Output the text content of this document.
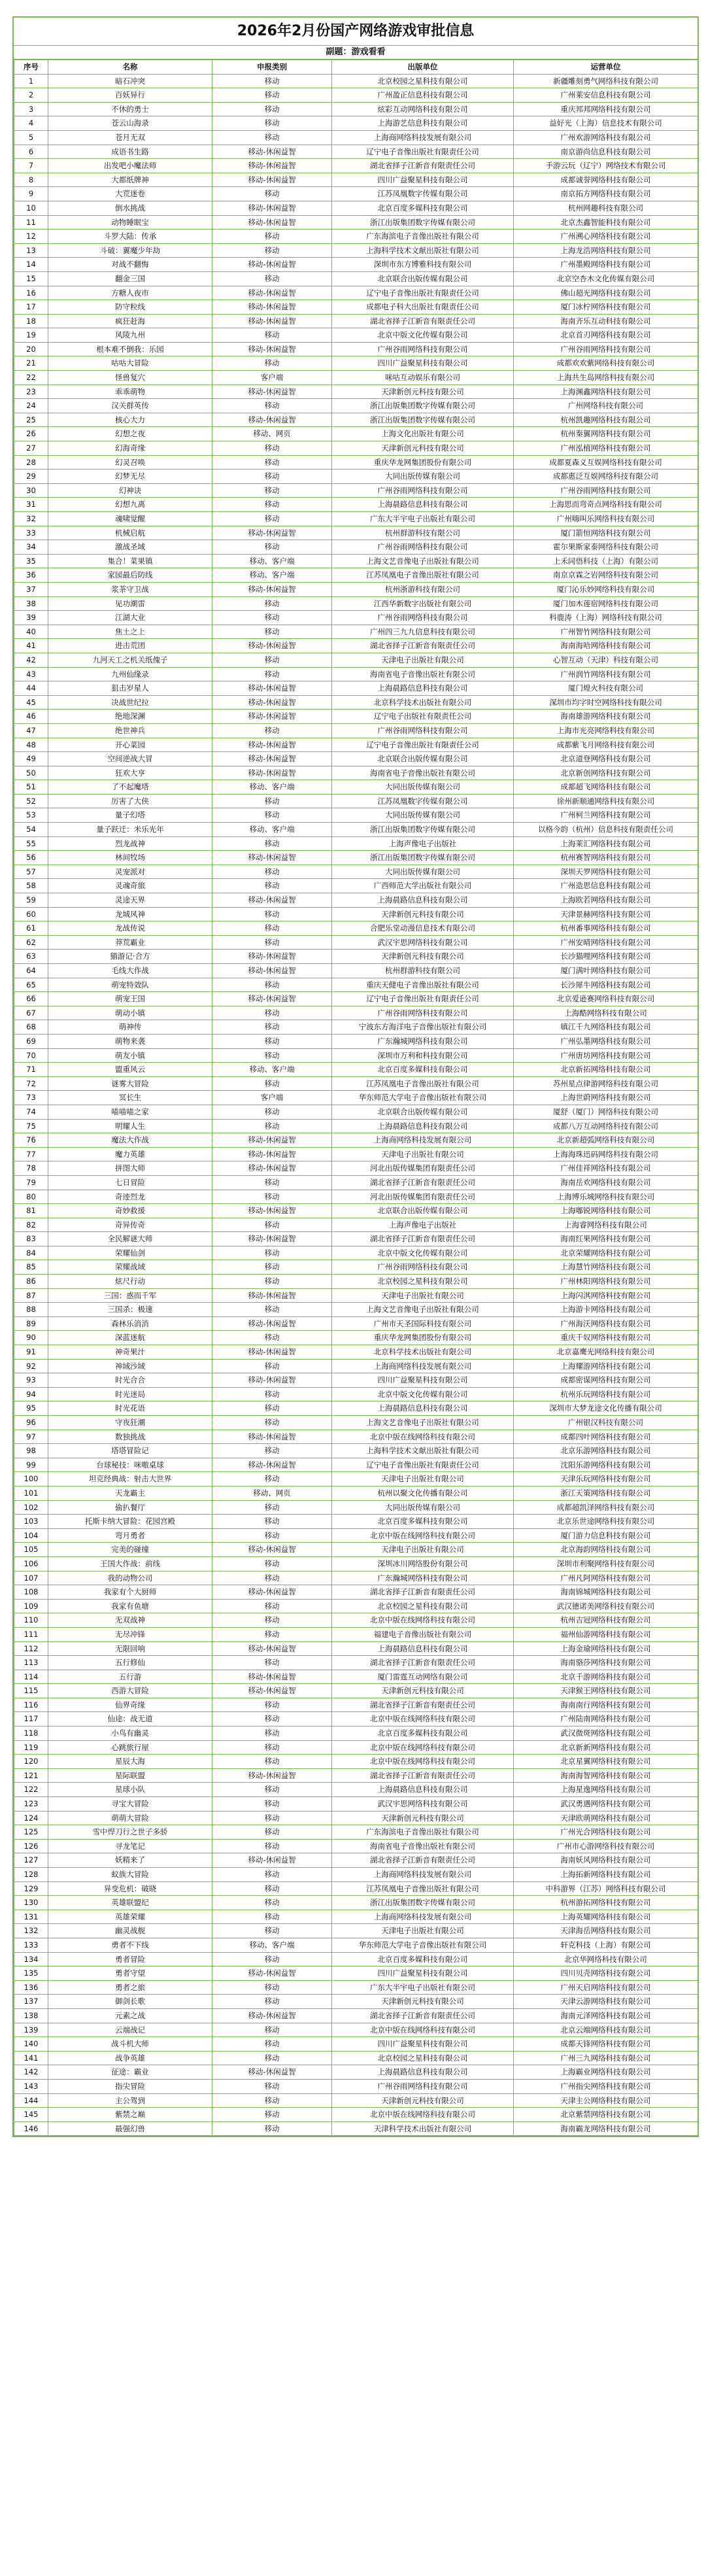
2026年2月份国产网络游戏审批信息
副题：游戏看看
序号	名称	申报类别	出版单位	运营单位
1	暗石冲突	移动	北京校园之星科技有限公司	新疆雕刻勇气网络科技有限公司
2	百妖异行	移动	广州盈正信息科技有限公司	广州莱安信息科技有限公司
3	不休的勇士	移动	炫彩互动网络科技有限公司	重庆邦邦网络科技有限公司
4	苍云山海录	移动	上海游艺信息科技有限公司	益好光（上海）信息技术有限公司
5	苍月无双	移动	上海商网络科技发展有限公司	广州欢游网络科技有限公司
6	成语书生路	移动-休闲益智	辽宁电子音像出版社有限责任公司	南京游尚信息科技有限公司
7	出发吧小魔法师	移动-休闲益智	湖北省择子江新音有限责任公司	手游云玩（辽宁）网络技术有限公司
8	大都纸牌神	移动-休闲益智	四川广益聚星科技有限公司	成都诚誉网络科技有限公司
9	大荒迷卷	移动	江苏凤凰数字传媒有限公司	南京拓方网络科技有限公司
10	倒水挑战	移动-休闲益智	北京百度多媒科技有限公司	杭州网趣科技有限公司
11	动物睡眠宝	移动-休闲益智	浙江出版集团数字传媒有限公司	北京杰鑫智能科技有限公司
12	斗罗大陆：传承	移动	广东海滨电子音像出版社有限公司	广州溯心网络科技有限公司
13	斗破：翼魔少年劫	移动	上海科学技术文献出版社有限公司	上海龙浩网络科技有限公司
14	对战不翻悔	移动-休闲益智	深圳市东方博雅科技有限公司	广州墨殿网络科技有限公司
15	翻金三国	移动	北京联合出版传媒有限公司	北京空杏木文化传媒有限公司
16	方糖人夜市	移动-休闲益智	辽宁电子音像出版社有限责任公司	佛山超光网络科技有限公司
17	防守粒线	移动-休闲益智	成都电子科大出版社有限责任公司	厦门冰柠网络科技有限公司
18	疯狂赶海	移动-休闲益智	湖北省择子江新音有限责任公司	海南齐乐互动科技有限公司
19	风陵九州	移动	北京中版文化传媒有限公司	北京首刃网络科技有限公司
20	根本难不倒我：乐园	移动-休闲益智	广州谷雨网络科技有限公司	广州谷雨网络科技有限公司
21	咕咕大冒险	移动	四川广益聚星科技有限公司	成都欢欢紫网络科技有限公司
22	怪兽复穴	客户端	咪咕互动娱乐有限公司	上海共生岛网络科技有限公司
23	乖乖萌物	移动-休闲益智	天津新创元科技有限公司	上海渊鑫网络科技有限公司
24	汉关群英传	移动	浙江出版集团数字传媒有限公司	广州网络科技有限公司
25	核心大力	移动-休闲益智	浙江出版集团数字传媒有限公司	杭州凯趣网络科技有限公司
26	幻想之夜	移动、网页	上海文化出版社有限公司	杭州秦翼网络科技有限公司
27	幻海奇缘	移动	天津新创元科技有限公司	广州泓植网络科技有限公司
28	幻灵召唤	移动	重庆华龙网集团股份有限公司	成都夏森义互娱网络科技有限公司
29	幻梦无尽	移动	大同出版传媒有限公司	成都惠泛互娱网络科技有限公司
30	幻神诀	移动	广州谷雨网络科技有限公司	广州谷雨网络科技有限公司
31	幻想九离	移动	上海晨路信息科技有限公司	上海思而弯奇点网络科技有限公司
32	魂啸觉醒	移动	广东大半宇电子出版社有限公司	广州嗨叫乐网络科技有限公司
33	机械启航	移动-休闲益智	杭州群游科技有限公司	厦门箭恒网络科技有限公司
34	激战圣域	移动	广州谷雨网络科技有限公司	霍尔果斯家泰网络科技有限公司
35	集合！菜果镇	移动、客户端	上海文艺音像电子出版社有限公司	上禾同悟科技（上海）有限公司
36	家园最后防线	移动、客户端	江苏凤凰电子音像出版社有限公司	南京京霖之岩网络科技有限公司
37	浆茶守卫战	移动-休闲益智	杭州浙游科技有限公司	厦门沁乐妙网络科技有限公司
38	见功潮雷	移动	江西华新数字出版社有限公司	厦门加木莲宿网络科技有限公司
39	江湖大业	移动	广州谷雨网络科技有限公司	科鹿涛（上海）网络科技有限公司
40	焦土之上	移动	广州四三九九信息科技有限公司	广州智竹网络科技有限公司
41	进击荒团	移动-休闲益智	湖北省择子江新音有限责任公司	海南海哈网络科技有限公司
42	九河天工之机关纸傀子	移动	天津电子出版社有限公司	心智互动（天津）科技有限公司
43	九州仙缘录	移动	海南省电子音像出版社有限公司	广州润竹网络科技有限公司
44	狙击岁星人	移动-休闲益智	上海晨路信息科技有限公司	厦门煌火科技有限公司
45	决战世纪拉	移动-休闲益智	北京科学技术出版社有限公司	深圳市均字时空网络科技有限公司
46	绝地深渊	移动-休闲益智	辽宁电子出版社有限责任公司	海南雄游网络科技有限公司
47	绝世神兵	移动	广州谷雨网络科技有限公司	上海市光亮网络科技有限公司
48	开心菜园	移动-休闲益智	辽宁电子音像出版社有限责任公司	成都紫飞月网络科技有限公司
49	空间逆战大冒	移动-休闲益智	北京联合出版传媒有限公司	北京道登网络科技有限公司
50	狂欢大亨	移动-休闲益智	海南省电子音像出版社有限公司	北京新创网络科技有限公司
51	了不起魔塔	移动、客户端	大同出版传媒有限公司	成都超飞网络科技有限公司
52	厉害了大侠	移动	江苏凤凰数字传媒有限公司	徐州新顺通网络科技有限公司
53	量子幻塔	移动	大同出版传媒有限公司	广州柯兰网络科技有限公司
54	量子跃迁：米乐光年	移动、客户端	浙江出版集团数字传媒有限公司	以格今韵（杭州）信息科技有限责任公司
55	烈龙战神	移动	上海声像电子出版社	上海莱汇网络科技有限公司
56	林间牧场	移动-休闲益智	浙江出版集团数字传媒有限公司	杭州赛智网络科技有限公司
57	灵宠派对	移动	大同出版传媒有限公司	深圳天罗网络科技有限公司
58	灵魂奇旅	移动	广西师范大学出版社有限公司	广州造思信息科技有限公司
59	灵途天界	移动-休闲益智	上海晨路信息科技有限公司	上海欧若网络科技有限公司
60	龙城风神	移动	天津新创元科技有限公司	天津景赫网络科技有限公司
61	龙战传说	移动	合肥乐堂动漫信息技术有限公司	杭州番事网络科技有限公司
62	莽荒霸业	移动	武汉宇思网络科技有限公司	广州安晴网络科技有限公司
63	猫游记·合方	移动-休闲益智	天津新创元科技有限公司	长沙猫哩网络科技有限公司
64	毛线大作战	移动-休闲益智	杭州群游科技有限公司	厦门满叶网络科技有限公司
65	萌宠特效队	移动	重庆天健电子音像出版社有限公司	长沙犀牛网络科技有限公司
66	萌宠王国	移动-休闲益智	辽宁电子音像出版社有限责任公司	北京爱逊赛网络科技有限公司
67	萌动小镇	移动	广州谷雨网络科技有限公司	上海酷网络科技有限公司
68	萌神传	移动	宁波东方海洋电子音像出版社有限公司	镇江千九网络科技有限公司
69	萌物来袭	移动	广东瀚城网络科技有限公司	广州弘墨网络科技有限公司
70	萌友小镇	移动	深圳市万利和科技有限公司	广州唐坊网络科技有限公司
71	盟重风云	移动、客户端	北京百度多媒科技有限公司	北京新拓网络科技有限公司
72	谜雾大冒险	移动	江苏凤凰电子音像出版社有限公司	苏州星点律游网络科技有限公司
73	冥长生	客户端	华东师范大学电子音像出版社有限公司	上海世蔚网络科技有限公司
74	喵喵喵之家	移动	北京联合出版传媒有限公司	厦舒（厦门）网络科技有限公司
75	明耀人生	移动	上海晨路信息科技有限公司	成都八万互动网络科技有限公司
76	魔法大作战	移动-休闲益智	上海商网络科技发展有限公司	北京新超弧网络科技有限公司
77	魔力英雄	移动-休闲益智	天津电子出版社有限公司	上海海珠迅码网络科技有限公司
78	拼图大师	移动-休闲益智	河北出版传媒集团有限责任公司	广州佳祥网络科技有限公司
79	七日冒险	移动	湖北省择子江新音有限责任公司	海南岳欢网络科技有限公司
80	奇迹烈龙	移动	河北出版传媒集团有限责任公司	上海博乐城网络科技有限公司
81	奇妙救援	移动-休闲益智	北京联合出版传媒有限公司	上海嘟锐网络科技有限公司
82	奇异传奇	移动	上海声像电子出版社	上海睿网络科技有限公司
83	全民解谜大师	移动-休闲益智	湖北省择子江新音有限责任公司	海南红果网络科技有限公司
84	荣耀仙剑	移动	北京中版文化传媒有限公司	北京荣耀网络科技有限公司
85	荣耀战域	移动	广州谷雨网络科技有限公司	上海慧竹网络科技有限公司
86	炫尺行动	移动	北京校园之星科技有限公司	广州林阳网络科技有限公司
87	三国：惑而千军	移动-休闲益智	天津电子出版社有限公司	上海闪淇网络科技有限公司
88	三国杀：极速	移动	上海文艺音像电子出版社有限公司	上海游卡网络科技有限公司
89	森林乐消消	移动-休闲益智	广州市天圣国际科技有限公司	广州海沃网络科技有限公司
90	深蓝迷航	移动	重庆华龙网集团股份有限公司	重庆千奴网络科技有限公司
91	神奇果汁	移动-休闲益智	北京科学技术出版社有限公司	北京嘉鹰光网络科技有限公司
92	神域沙域	移动	上海商网络科技发展有限公司	上海耀游网络科技有限公司
93	时光合合	移动-休闲益智	四川广益聚星科技有限公司	成都密谋网络科技有限公司
94	时光迷局	移动	北京中版文化传媒有限公司	杭州乐玩网络科技有限公司
95	时光花语	移动	上海晨路信息科技有限公司	深圳市大梦龙途文化传播有限公司
96	守夜狂潮	移动	上海文艺音像电子出版社有限公司	广州银汉科技有限公司
97	数独挑战	移动-休闲益智	北京中版在线网络科技有限公司	成都四叶网络科技有限公司
98	塔塔冒险记	移动	上海科学技术文献出版社有限公司	北京乐游网络科技有限公司
99	台球秘技：咪嗷桌球	移动-休闲益智	辽宁电子音像出版社有限责任公司	沈阳乐游网络科技有限公司
100	坦克经典战：射击大世界	移动	天津电子出版社有限公司	天津乐玩网络科技有限公司
101	天龙霸主	移动、网页	杭州以聚文化传播有限公司	浙江天策网络科技有限公司
102	偷扒餐厅	移动	大同出版传媒有限公司	成都超凯泽网络科技有限公司
103	托斯卡纳大冒险：花园宫殿	移动	北京百度多媒科技有限公司	北京乐世途网络科技有限公司
104	弯月勇者	移动	北京中版在线网络科技有限公司	厦门游力信息科技有限公司
105	完美的碰撞	移动-休闲益智	天津电子出版社有限公司	北京海韵网络科技有限公司
106	王国大作战：前线	移动	深圳冰川网络股份有限公司	深圳市利聚网络科技有限公司
107	我的动物公司	移动	广东瀚城网络科技有限公司	广州凡阿网络科技有限公司
108	我家有个大厨师	移动-休闲益智	湖北省择子江新音有限责任公司	海南锦城网络科技有限公司
109	我家有鱼塘	移动	北京校园之星科技有限公司	武汉德诺美网络科技有限公司
110	无双战神	移动	北京中版在线网络科技有限公司	杭州吉冠网络科技有限公司
111	无尽冲锋	移动	福建电子音像出版社有限公司	福州仙游网络科技有限公司
112	无限回响	移动-休闲益智	上海晨路信息科技有限公司	上海金瑜网络科技有限公司
113	五行修仙	移动	湖北省择子江新音有限责任公司	海南骆莎网络科技有限公司
114	五行游	移动-休闲益智	厦门雷霆互动网络有限公司	北京千游网络科技有限公司
115	西游大冒险	移动-休闲益智	天津新创元科技有限公司	天津猴王网络科技有限公司
116	仙界奇缘	移动	湖北省择子江新音有限责任公司	海南南行网络科技有限公司
117	仙途：战无道	移动	北京中版在线网络科技有限公司	广州陆南网络科技有限公司
118	小鸟有幽灵	移动	北京百度多媒科技有限公司	武汉微斑网络科技有限公司
119	心跳旅行屋	移动	北京中版在线网络科技有限公司	北京新新网络科技有限公司
120	星辰大海	移动	北京中版在线网络科技有限公司	北京星翼网络科技有限公司
121	星际联盟	移动-休闲益智	湖北省择子江新音有限责任公司	海南海智网络科技有限公司
122	星球小队	移动	上海晨路信息科技有限公司	上海星逸网络科技有限公司
123	寻宝大冒险	移动	武汉宇思网络科技有限公司	武汉勇遇网络科技有限公司
124	萌萌大冒险	移动	天津新创元科技有限公司	天津欧萌网络科技有限公司
125	雪中悍刀行之世子多骄	移动	广东海滨电子音像出版社有限公司	广州光合网络科技有限公司
126	寻龙笔记	移动	海南省电子音像出版社有限公司	广州市心游网络科技有限公司
127	妖精来了	移动-休闲益智	湖北省择子江新音有限责任公司	海南妖风网络科技有限公司
128	蚁族大冒险	移动	上海商网络科技发展有限公司	上海拓新网络科技有限公司
129	异变危机：破晓	移动	江苏凤凰电子音像出版社有限公司	中科游界（江苏）网络科技有限公司
130	英雄联盟纪	移动	浙江出版集团数字传媒有限公司	杭州游拓网络科技有限公司
131	英雄荣耀	移动	上海商网络科技发展有限公司	上海英耀网络科技有限公司
132	幽灵战舰	移动	天津电子出版社有限公司	天津海岳网络科技有限公司
133	勇者不下线	移动、客户端	华东师范大学电子音像出版社有限公司	轩克科技（上海）有限公司
134	勇者冒险	移动	北京百度多媒科技有限公司	北京华网络科技有限公司
135	勇者守望	移动-休闲益智	四川广益聚星科技有限公司	四川贝壳网络科技有限公司
136	勇者之旅	移动	广东大半宇电子出版社有限公司	广州天启网络科技有限公司
137	御剑长歌	移动	天津新创元科技有限公司	天津云游网络科技有限公司
138	元素之战	移动-休闲益智	湖北省择子江新音有限责任公司	海南元泽网络科技有限公司
139	云端战记	移动	北京中版在线网络科技有限公司	北京云端网络科技有限公司
140	战斗机大师	移动	四川广益聚星科技有限公司	成都天锋网络科技有限公司
141	战争英雄	移动	北京校园之星科技有限公司	广州三九网络科技有限公司
142	征途：霸业	移动-休闲益智	上海晨路信息科技有限公司	上海霸业网络科技有限公司
143	指尖冒险	移动	广州谷雨网络科技有限公司	广州指尖网络科技有限公司
144	主公驾到	移动	天津新创元科技有限公司	天津主公网络科技有限公司
145	紫禁之巅	移动	北京中版在线网络科技有限公司	北京紫禁网络科技有限公司
146	最强幻兽	移动	天津科学技术出版社有限公司	海南霸龙网络科技有限公司
